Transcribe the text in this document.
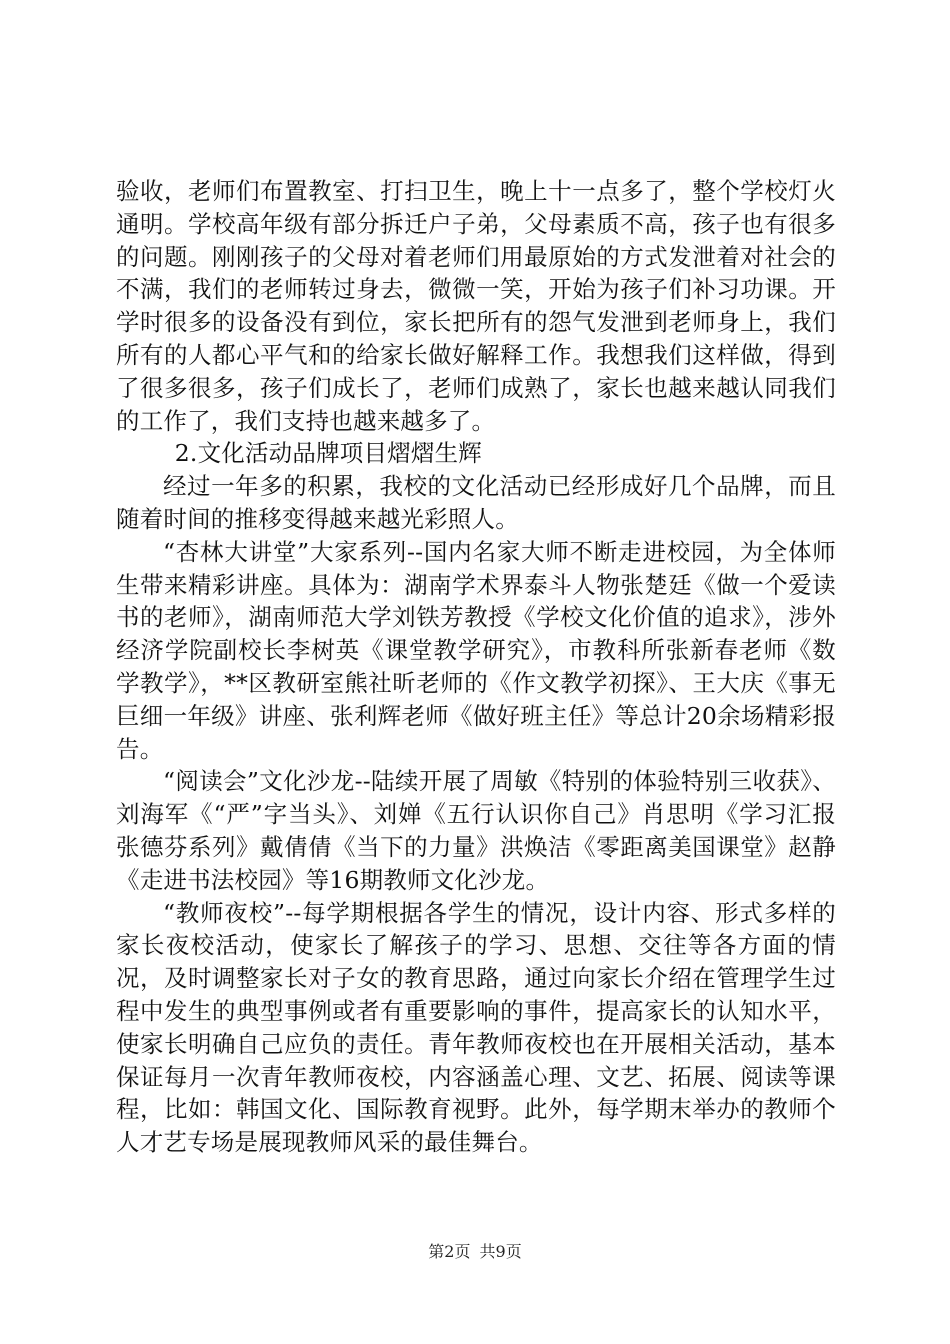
验收，老师们布置教室、打扫卫生，晚上十一点多了，整个学校灯火通明。学校高年级有部分拆迁户子弟，父母素质不高，孩子也有很多的问题。刚刚孩子的父母对着老师们用最原始的方式发泄着对社会的不满，我们的老师转过身去，微微一笑，开始为孩子们补习功课。开学时很多的设备没有到位，家长把所有的怨气发泄到老师身上，我们所有的人都心平气和的给家长做好解释工作。我想我们这样做，得到了很多很多，孩子们成长了，老师们成熟了，家长也越来越认同我们的工作了，我们支持也越来越多了。

2.文化活动品牌项目熠熠生辉

经过一年多的积累，我校的文化活动已经形成好几个品牌，而且随着时间的推移变得越来越光彩照人。

“杏林大讲堂”大家系列--国内名家大师不断走进校园，为全体师生带来精彩讲座。具体为：湖南学术界泰斗人物张楚廷《做一个爱读书的老师》，湖南师范大学刘铁芳教授《学校文化价值的追求》，涉外经济学院副校长李树英《课堂教学研究》，市教科所张新春老师《数学教学》，**区教研室熊社昕老师的《作文教学初探》、王大庆《事无巨细一年级》讲座、张利辉老师《做好班主任》等总计20余场精彩报告。

“阅读会”文化沙龙--陆续开展了周敏《特别的体验特别三收获》、刘海军《“严”字当头》、刘婵《五行认识你自己》肖思明《学习汇报张德芬系列》戴倩倩《当下的力量》洪焕洁《零距离美国课堂》赵静《走进书法校园》等16期教师文化沙龙。

“教师夜校”--每学期根据各学生的情况，设计内容、形式多样的家长夜校活动，使家长了解孩子的学习、思想、交往等各方面的情况，及时调整家长对子女的教育思路，通过向家长介绍在管理学生过程中发生的典型事例或者有重要影响的事件，提高家长的认知水平，使家长明确自己应负的责任。青年教师夜校也在开展相关活动，基本保证每月一次青年教师夜校，内容涵盖心理、文艺、拓展、阅读等课程，比如：韩国文化、国际教育视野。此外，每学期末举办的教师个人才艺专场是展现教师风采的最佳舞台。

第2页 共9页
